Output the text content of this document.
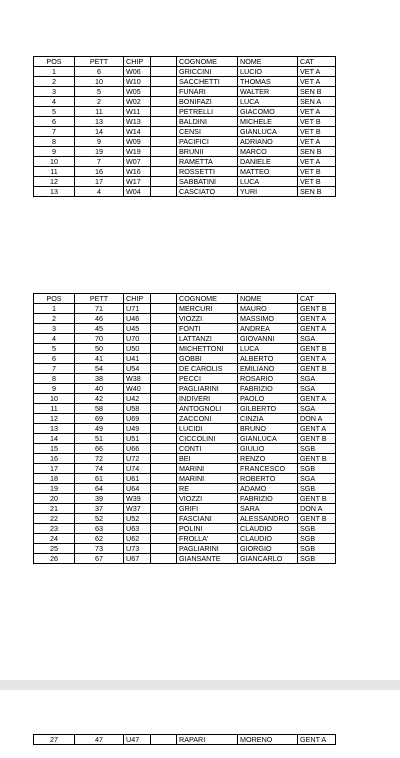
POS	PETT	CHIP		COGNOME	NOME	CAT
1	6	W06		GRICCINI	LUCIO	VET A
2	10	W10		SACCHETTI	THOMAS	VET A
3	5	W05		FUNARI	WALTER	SEN B
4	2	W02		BONIFAZI	LUCA	SEN A
5	11	W11		PETRELLI	GIACOMO	VET A
6	13	W13		BALDINI	MICHELE	VET B
7	14	W14		CENSI	GIANLUCA	VET B
8	9	W09		PACIFICI	ADRIANO	VET A
9	19	W19		BRUNII	MARCO	SEN B
10	7	W07		RAMETTA	DANIELE	VET A
11	16	W16		ROSSETTI	MATTEO	VET B
12	17	W17		SABBATINI	LUCA	VET B
13	4	W04		CASCIATO	YURI	SEN B
POS	PETT	CHIP		COGNOME	NOME	CAT
1	71	U71		MERCURI	MAURO	GENT B
2	46	U46		VIOZZI	MASSIMO	GENT A
3	45	U45		FONTI	ANDREA	GENT A
4	70	U70		LATTANZI	GIOVANNI	SGA
5	50	U50		MICHETTONI	LUCA	GENT B
6	41	U41		GOBBI	ALBERTO	GENT A
7	54	U54		DE CAROLIS	EMILIANO	GENT B
8	38	W38		PECCI	ROSARIO	SGA
9	40	W40		PAGLIARINI	FABRIZIO	SGA
10	42	U42		INDIVERI	PAOLO	GENT A
11	58	U58		ANTOGNOLI	GILBERTO	SGA
12	69	U69		ZACCONI	CINZIA	DON A
13	49	U49		LUCIDI	BRUNO	GENT A
14	51	U51		CICCOLINI	GIANLUCA	GENT B
15	66	U66		CONTI	GIULIO	SGB
16	72	U72		BEI	RENZO	GENT B
17	74	U74		MARINI	FRANCESCO	SGB
18	61	U61		MARINI	ROBERTO	SGA
19	64	U64		RE	ADAMO	SGB
20	39	W39		VIOZZI	FABRIZIO	GENT B
21	37	W37		GRIFI	SARA	DON A
22	52	U52		FASCIANI	ALESSANDRO	GENT B
23	63	U63		POLINI	CLAUDIO	SGB
24	62	U62		FROLLA'	CLAUDIO	SGB
25	73	U73		PAGLIARINI	GIORGIO	SGB
26	67	U67		GIANSANTE	GIANCARLO	SGB
27	47	U47		RAPARI	MORENO	GENT A
